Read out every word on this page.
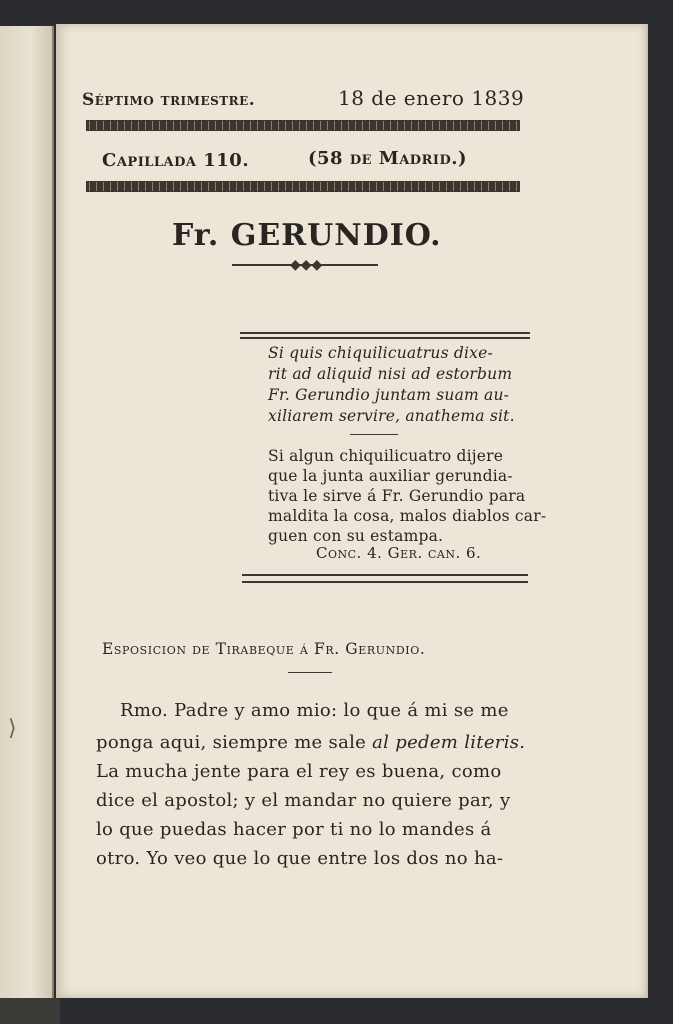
⟩
Séptimo trimestre.	18 de enero 1839
Capillada 110.	(58 de Madrid.)
Fr. GERUNDIO.
◆◆◆
Si quis chiquilicuatrus dixe-
rit ad aliquid nisi ad estorbum
Fr. Gerundio juntam suam au-
xiliarem servire, anathema sit.
Si algun chiquilicuatro dijere
que la junta auxiliar gerundia-
tiva le sirve á Fr. Gerundio para
maldita la cosa, malos diablos car-
guen con su estampa.
Conc. 4. Ger. can. 6.
Esposicion de Tirabeque á Fr. Gerundio.
Rmo. Padre y amo mio: lo que á mi se me
ponga aqui, siempre me sale al pedem literis.
La mucha jente para el rey es buena, como
dice el apostol; y el mandar no quiere par, y
lo que puedas hacer por ti no lo mandes á
otro. Yo veo que lo que entre los dos no ha-
